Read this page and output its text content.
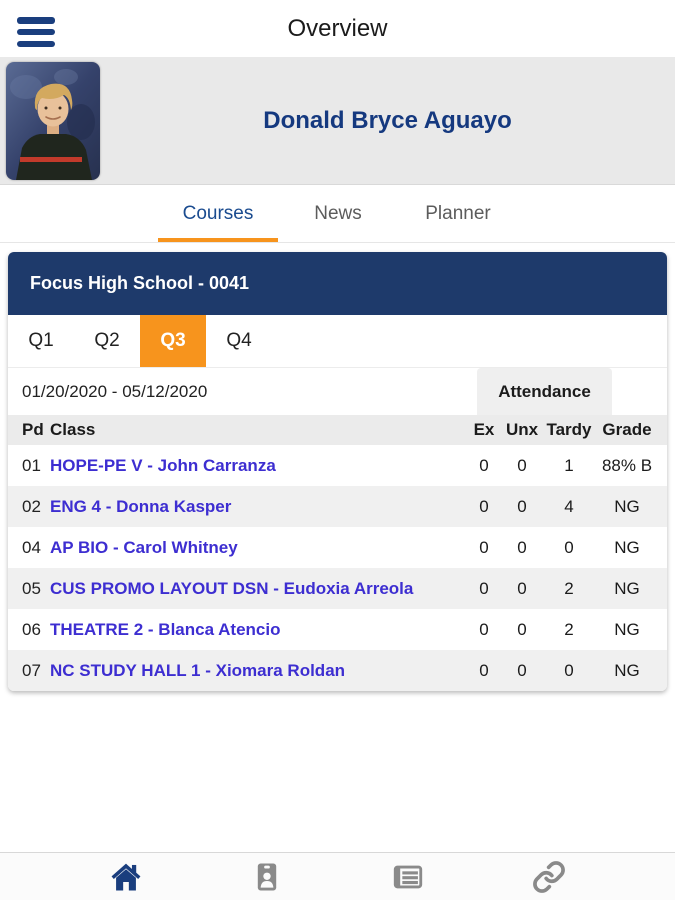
Overview
Donald Bryce Aguayo
Courses	News	Planner
Focus High School - 0041
Q1	Q2	Q3	Q4
01/20/2020 - 05/12/2020	Attendance
Pd Class	Ex Unx Tardy Grade
01 HOPE-PE V - John Carranza	0	0	1	88% B
02 ENG 4 - Donna Kasper	0	0	4	NG
04 AP BIO - Carol Whitney	0	0	0	NG
05 CUS PROMO LAYOUT DSN - Eudoxia Arreola	0	0	2	NG
06 THEATRE 2 - Blanca Atencio	0	0	2	NG
07 NC STUDY HALL 1 - Xiomara Roldan	0	0	0	NG
